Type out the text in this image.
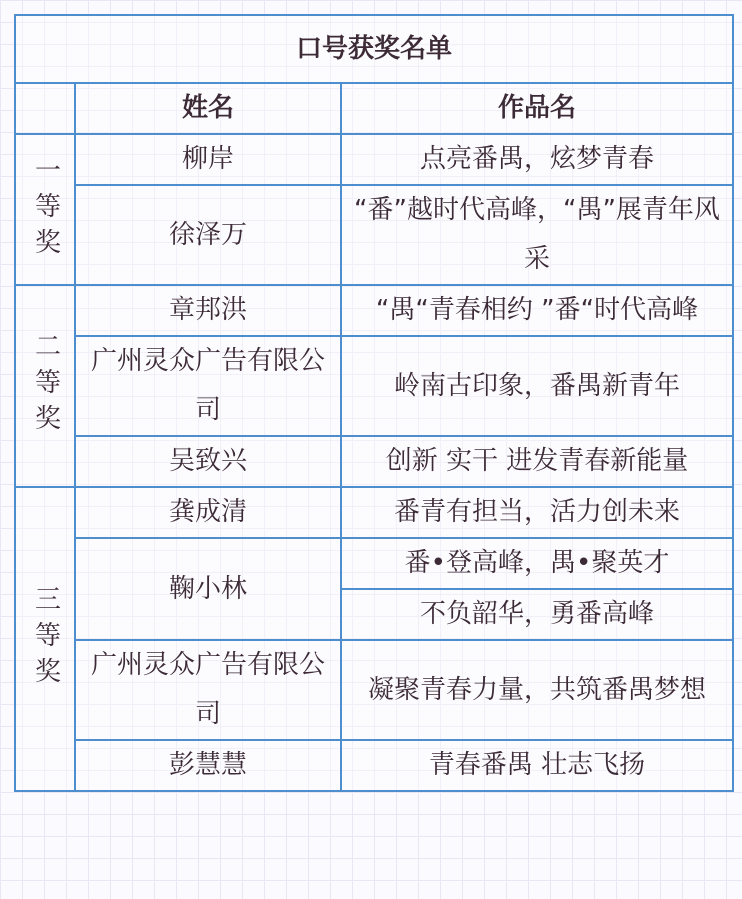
口号获奖名单		
	姓名	作品名
一等奖	柳岸	点亮番禺，炫梦青春
	徐泽万	“番”越时代高峰，“禺”展青年风采
二等奖	章邦洪	“禺“青春相约 ”番“时代高峰
	广州灵众广告有限公司	岭南古印象，番禺新青年
	吴致兴	创新 实干 进发青春新能量
三等奖	龚成清	番青有担当，活力创未来
	鞠小林	番•登高峰，禺•聚英才
		不负韶华，勇番高峰
	广州灵众广告有限公司	凝聚青春力量，共筑番禺梦想
	彭慧慧	青春番禺 壮志飞扬
